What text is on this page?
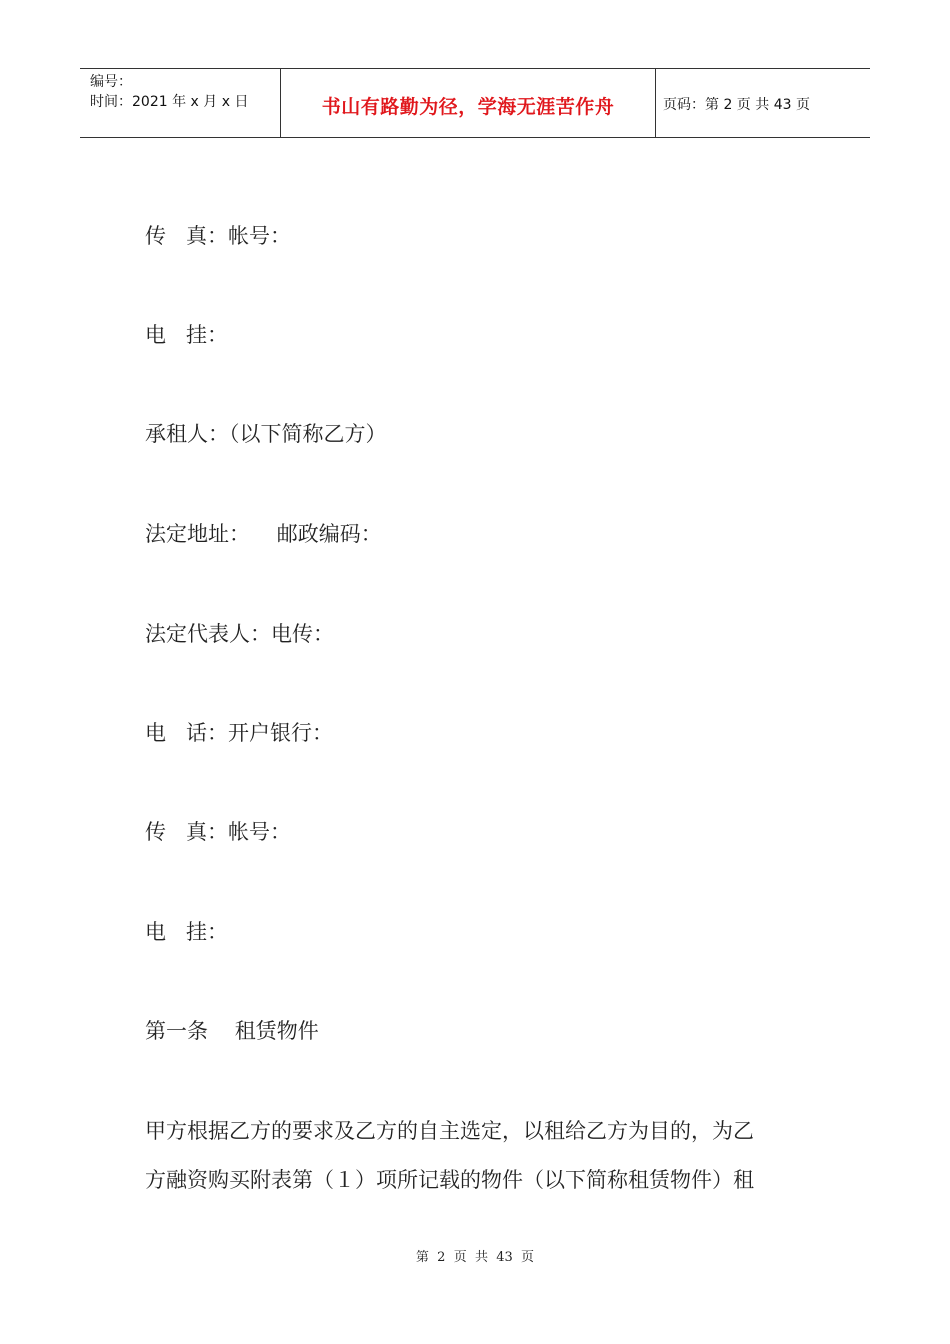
编号：
时间：2021 年 x 月 x 日	书山有路勤为径，学海无涯苦作舟	页码：第 2 页 共 43 页
传   真：帐号：
电   挂：
承租人：（以下简称乙方）
法定地址：    邮政编码：
法定代表人：电传：
电   话：开户银行：
传   真：帐号：
电   挂：
第一条    租赁物件
甲方根据乙方的要求及乙方的自主选定，以租给乙方为目的，为乙
方融资购买附表第（１）项所记载的物件（以下简称租赁物件）租
第  2  页  共  43  页
